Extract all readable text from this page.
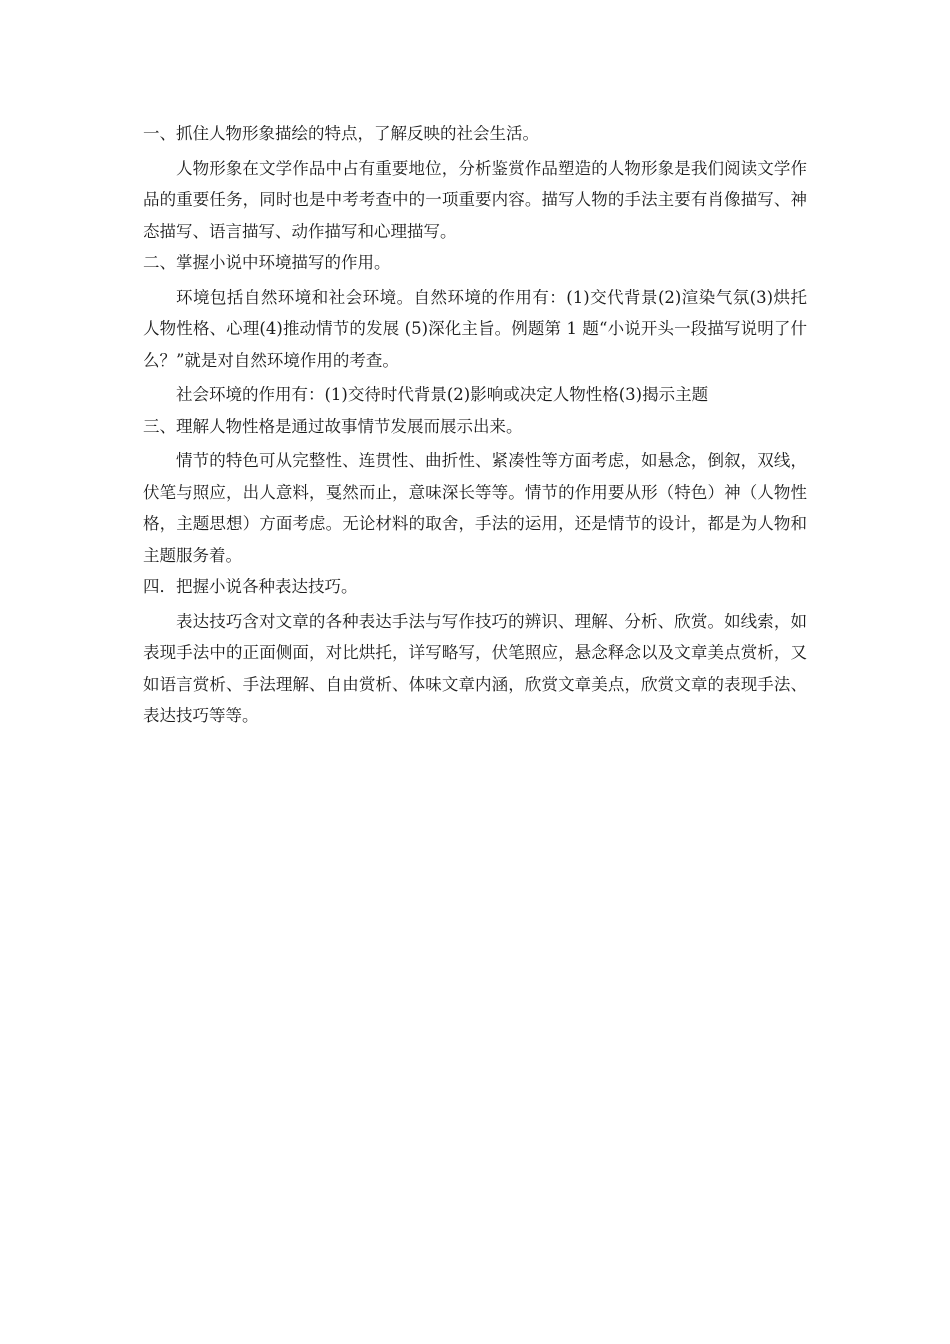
一、抓住人物形象描绘的特点，了解反映的社会生活。

人物形象在文学作品中占有重要地位，分析鉴赏作品塑造的人物形象是我们阅读文学作品的重要任务，同时也是中考考查中的一项重要内容。描写人物的手法主要有肖像描写、神态描写、语言描写、动作描写和心理描写。

二、掌握小说中环境描写的作用。

环境包括自然环境和社会环境。自然环境的作用有：(1)交代背景(2)渲染气氛(3)烘托人物性格、心理(4)推动情节的发展 (5)深化主旨。例题第 1 题“小说开头一段描写说明了什么？”就是对自然环境作用的考查。

社会环境的作用有：(1)交待时代背景(2)影响或决定人物性格(3)揭示主题

三、理解人物性格是通过故事情节发展而展示出来。

情节的特色可从完整性、连贯性、曲折性、紧凑性等方面考虑，如悬念，倒叙，双线，伏笔与照应，出人意料，戛然而止，意味深长等等。情节的作用要从形（特色）神（人物性格，主题思想）方面考虑。无论材料的取舍，手法的运用，还是情节的设计，都是为人物和主题服务着。

四．把握小说各种表达技巧。

表达技巧含对文章的各种表达手法与写作技巧的辨识、理解、分析、欣赏。如线索，如表现手法中的正面侧面，对比烘托，详写略写，伏笔照应，悬念释念以及文章美点赏析，又如语言赏析、手法理解、自由赏析、体味文章内涵，欣赏文章美点，欣赏文章的表现手法、表达技巧等等。
